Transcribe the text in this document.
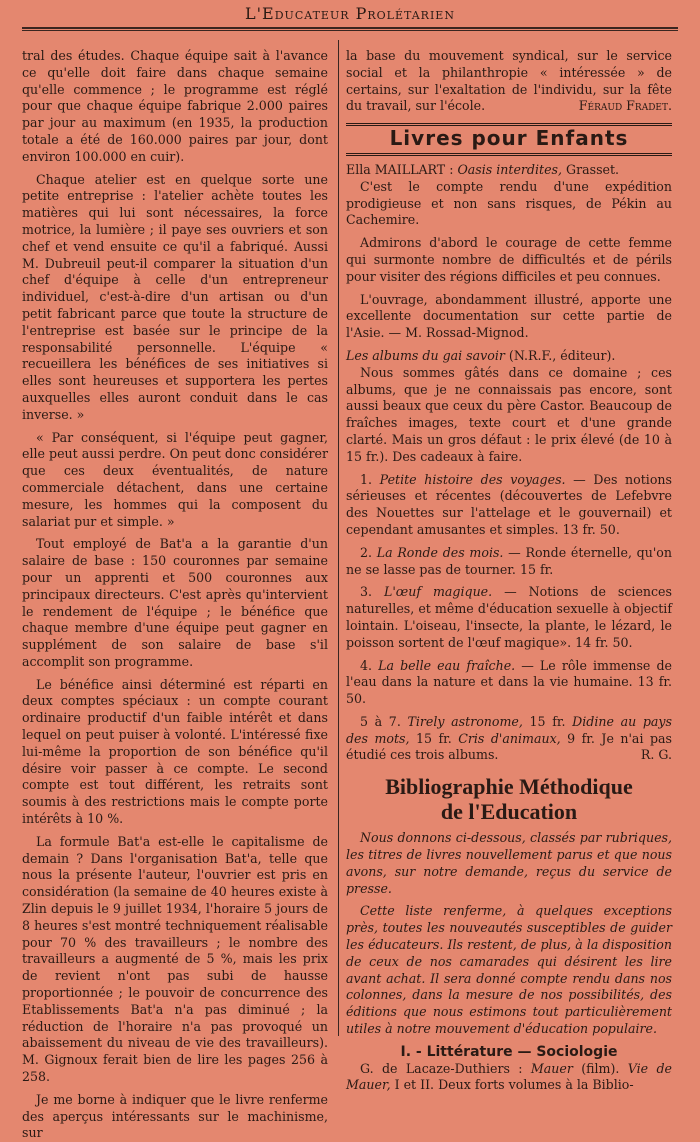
L'Educateur Prolétarien

tral des études. Chaque équipe sait à l'avance ce qu'elle doit faire dans chaque semaine qu'elle commence ; le programme est réglé pour que chaque équipe fabrique 2.000 paires par jour au maximum (en 1935, la production totale a été de 160.000 paires par jour, dont environ 100.000 en cuir).

Chaque atelier est en quelque sorte une petite entreprise : l'atelier achète toutes les matières qui lui sont nécessaires, la force motrice, la lumière ; il paye ses ouvriers et son chef et vend ensuite ce qu'il a fabriqué. Aussi M. Dubreuil peut-il comparer la situation d'un chef d'équipe à celle d'un entrepreneur individuel, c'est-à-dire d'un artisan ou d'un petit fabricant parce que toute la structure de l'entreprise est basée sur le principe de la responsabilité personnelle. L'équipe « recueillera les bénéfices de ses initiatives si elles sont heureuses et supportera les pertes auxquelles elles auront conduit dans le cas inverse. »

« Par conséquent, si l'équipe peut gagner, elle peut aussi perdre. On peut donc considérer que ces deux éventualités, de nature commerciale détachent, dans une certaine mesure, les hommes qui la composent du salariat pur et simple. »

Tout employé de Bat'a a la garantie d'un salaire de base : 150 couronnes par semaine pour un apprenti et 500 couronnes aux principaux directeurs. C'est après qu'intervient le rendement de l'équipe ; le bénéfice que chaque membre d'une équipe peut gagner en supplément de son salaire de base s'il accomplit son programme.

Le bénéfice ainsi déterminé est réparti en deux comptes spéciaux : un compte courant ordinaire productif d'un faible intérêt et dans lequel on peut puiser à volonté. L'intéressé fixe lui-même la proportion de son bénéfice qu'il désire voir passer à ce compte. Le second compte est tout différent, les retraits sont soumis à des restrictions mais le compte porte intérêts à 10 %.

La formule Bat'a est-elle le capitalisme de demain ? Dans l'organisation Bat'a, telle que nous la présente l'auteur, l'ouvrier est pris en considération (la semaine de 40 heures existe à Zlin depuis le 9 juillet 1934, l'horaire 5 jours de 8 heures s'est montré techniquement réalisable pour 70 % des travailleurs ; le nombre des travailleurs a augmenté de 5 %, mais les prix de revient n'ont pas subi de hausse proportionnée ; le pouvoir de concurrence des Etablissements Bat'a n'a pas diminué ; la réduction de l'horaire n'a pas provoqué un abaissement du niveau de vie des travailleurs). M. Gignoux ferait bien de lire les pages 256 à 258.

Je me borne à indiquer que le livre renferme des aperçus intéressants sur le machinisme, sur

la base du mouvement syndical, sur le service social et la philanthropie « intéressée » de certains, sur l'exaltation de l'individu, sur la fête du travail, sur l'école.	Féraud Fradet.

Livres pour Enfants

Ella MAILLART : Oasis interdites, Grasset.

C'est le compte rendu d'une expédition prodigieuse et non sans risques, de Pékin au Cachemire.

Admirons d'abord le courage de cette femme qui surmonte nombre de difficultés et de périls pour visiter des régions difficiles et peu connues.

L'ouvrage, abondamment illustré, apporte une excellente documentation sur cette partie de l'Asie. — M. Rossad-Mignod.

Les albums du gai savoir (N.R.F., éditeur).

Nous sommes gâtés dans ce domaine ; ces albums, que je ne connaissais pas encore, sont aussi beaux que ceux du père Castor. Beaucoup de fraîches images, texte court et d'une grande clarté. Mais un gros défaut : le prix élevé (de 10 à 15 fr.). Des cadeaux à faire.

1. Petite histoire des voyages. — Des notions sérieuses et récentes (découvertes de Lefebvre des Nouettes sur l'attelage et le gouvernail) et cependant amusantes et simples. 13 fr. 50.

2. La Ronde des mois. — Ronde éternelle, qu'on ne se lasse pas de tourner. 15 fr.

3. L'œuf magique. — Notions de sciences naturelles, et même d'éducation sexuelle à objectif lointain. L'oiseau, l'insecte, la plante, le lézard, le poisson sortent de l'œuf magique». 14 fr. 50.

4. La belle eau fraîche. — Le rôle immense de l'eau dans la nature et dans la vie humaine. 13 fr. 50.

5 à 7. Tirely astronome, 15 fr. Didine au pays des mots, 15 fr. Cris d'animaux, 9 fr. Je n'ai pas étudié ces trois albums.	R. G.

Bibliographie Méthodique
de l'Education

Nous donnons ci-dessous, classés par rubriques, les titres de livres nouvellement parus et que nous avons, sur notre demande, reçus du service de presse.

Cette liste renferme, à quelques exceptions près, toutes les nouveautés susceptibles de guider les éducateurs. Ils restent, de plus, à la disposition de ceux de nos camarades qui désirent les lire avant achat. Il sera donné compte rendu dans nos colonnes, dans la mesure de nos possibilités, des éditions que nous estimons tout particulièrement utiles à notre mouvement d'éducation populaire.

I. - Littérature — Sociologie

G. de Lacaze-Duthiers : Mauer (film). Vie de Mauer, I et II. Deux forts volumes à la Biblio-
